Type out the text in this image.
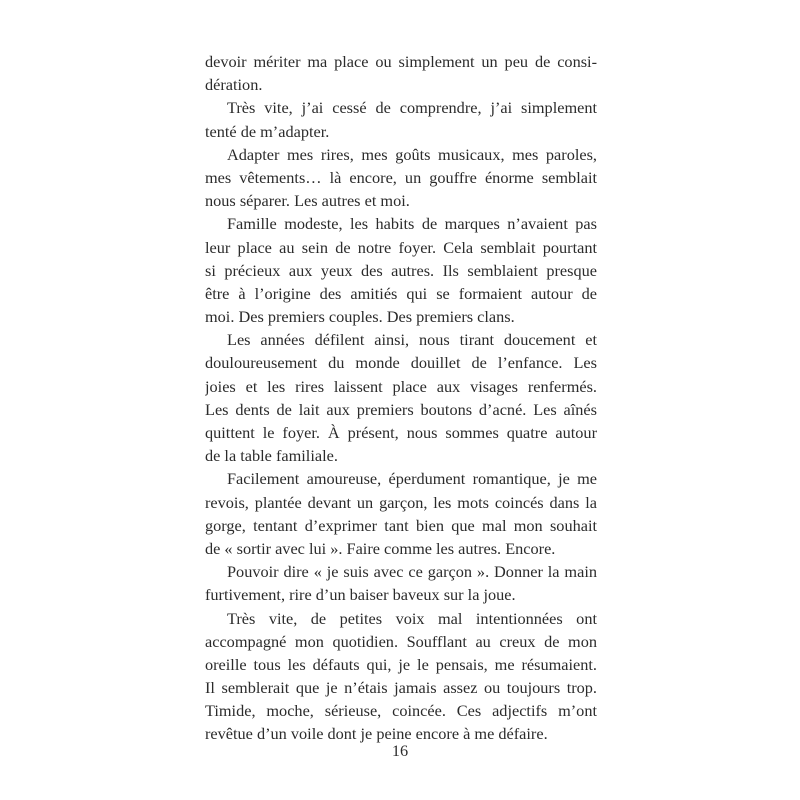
devoir mériter ma place ou simplement un peu de consi-
dération.
Très vite, j’ai cessé de comprendre, j’ai simplement
tenté de m’adapter.
Adapter mes rires, mes goûts musicaux, mes paroles,
mes vêtements… là encore, un gouffre énorme semblait
nous séparer. Les autres et moi.
Famille modeste, les habits de marques n’avaient pas
leur place au sein de notre foyer. Cela semblait pourtant
si précieux aux yeux des autres. Ils semblaient presque
être à l’origine des amitiés qui se formaient autour de
moi. Des premiers couples. Des premiers clans.
Les années défilent ainsi, nous tirant doucement et
douloureusement du monde douillet de l’enfance. Les
joies et les rires laissent place aux visages renfermés.
Les dents de lait aux premiers boutons d’acné. Les aînés
quittent le foyer. À présent, nous sommes quatre autour
de la table familiale.
Facilement amoureuse, éperdument romantique, je me
revois, plantée devant un garçon, les mots coincés dans la
gorge, tentant d’exprimer tant bien que mal mon souhait
de « sortir avec lui ». Faire comme les autres. Encore.
Pouvoir dire « je suis avec ce garçon ». Donner la main
furtivement, rire d’un baiser baveux sur la joue.
Très vite, de petites voix mal intentionnées ont
accompagné mon quotidien. Soufflant au creux de mon
oreille tous les défauts qui, je le pensais, me résumaient.
Il semblerait que je n’étais jamais assez ou toujours trop.
Timide, moche, sérieuse, coincée. Ces adjectifs m’ont
revêtue d’un voile dont je peine encore à me défaire.
16
